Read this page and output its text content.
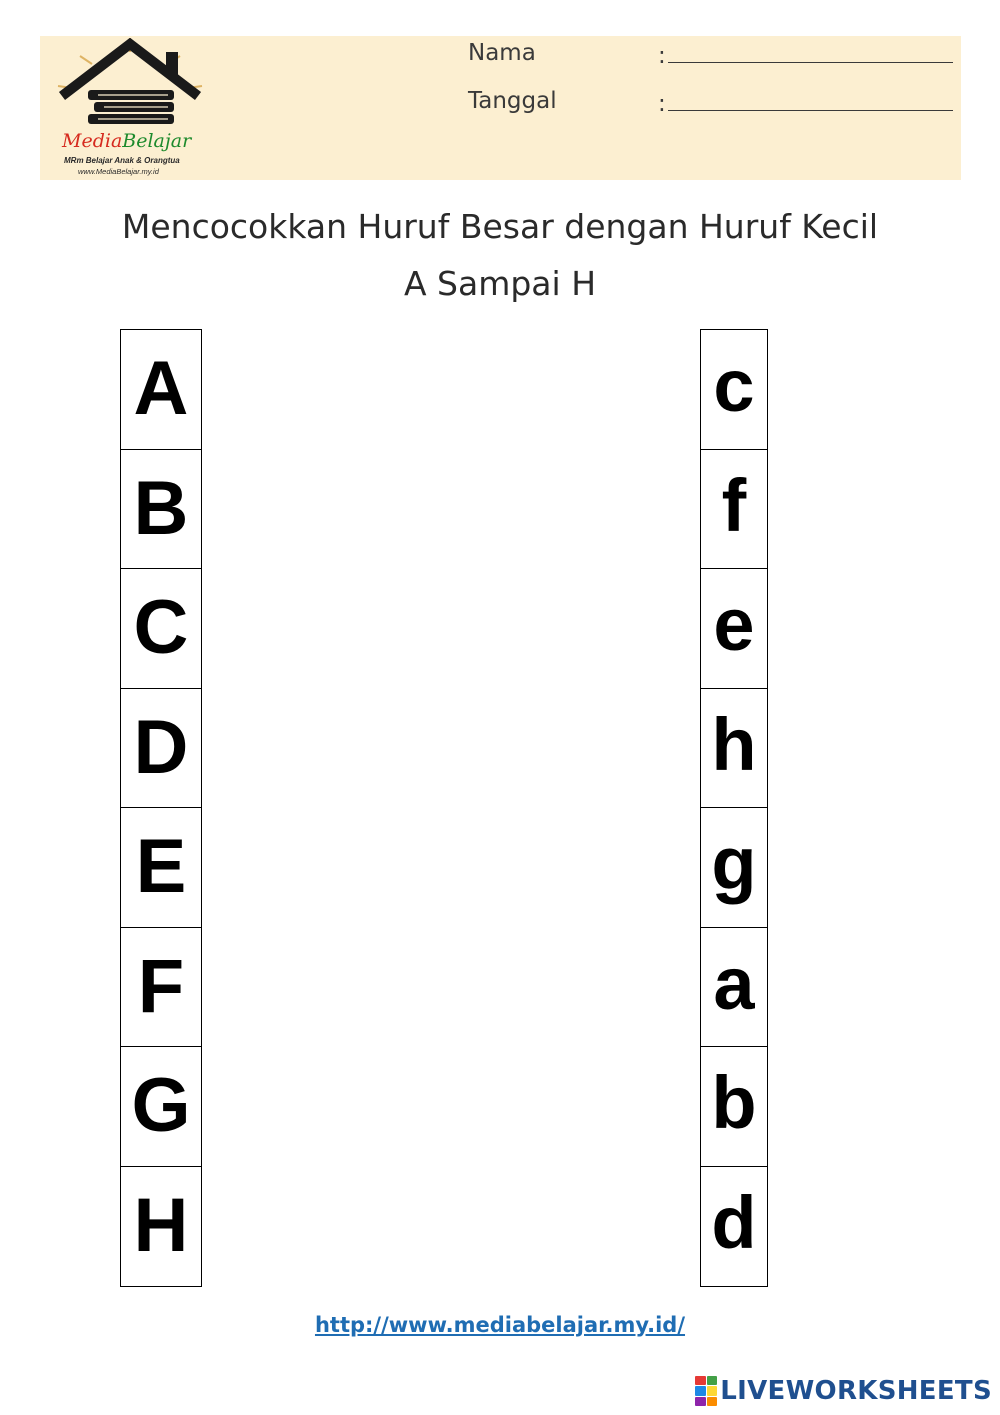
MediaBelajar
MRm Belajar Anak & Orangtua
www.MediaBelajar.my.id
Nama	:
Tanggal	:
Mencocokkan Huruf Besar dengan Huruf Kecil
A Sampai H
A
B
C
D
E
F
G
H
c
f
e
h
g
a
b
d
http://www.mediabelajar.my.id/
LIVEWORKSHEETS
